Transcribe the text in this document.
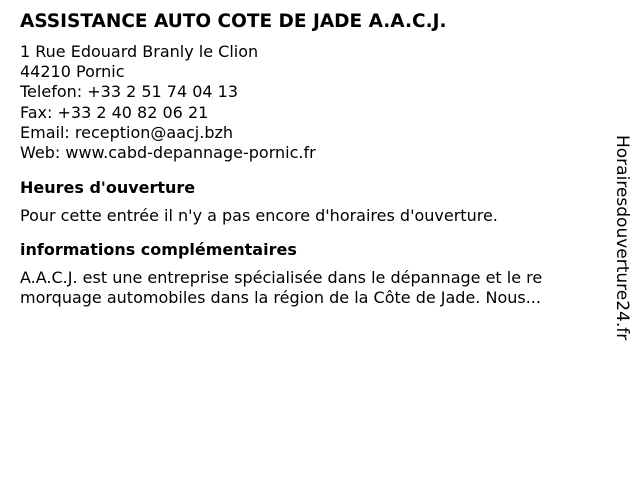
ASSISTANCE AUTO COTE DE JADE A.A.C.J.
1 Rue Edouard Branly le Clion
44210 Pornic
Telefon: +33 2 51 74 04 13
Fax: +33 2 40 82 06 21
Email: reception@aacj.bzh
Web: www.cabd-depannage-pornic.fr
Heures d'ouverture
Pour cette entrée il n'y a pas encore d'horaires d'ouverture.
informations complémentaires
A.A.C.J. est une entreprise spécialisée dans le dépannage et le re
morquage automobiles dans la région de la Côte de Jade. Nous...	Horairesdouverture24.fr
